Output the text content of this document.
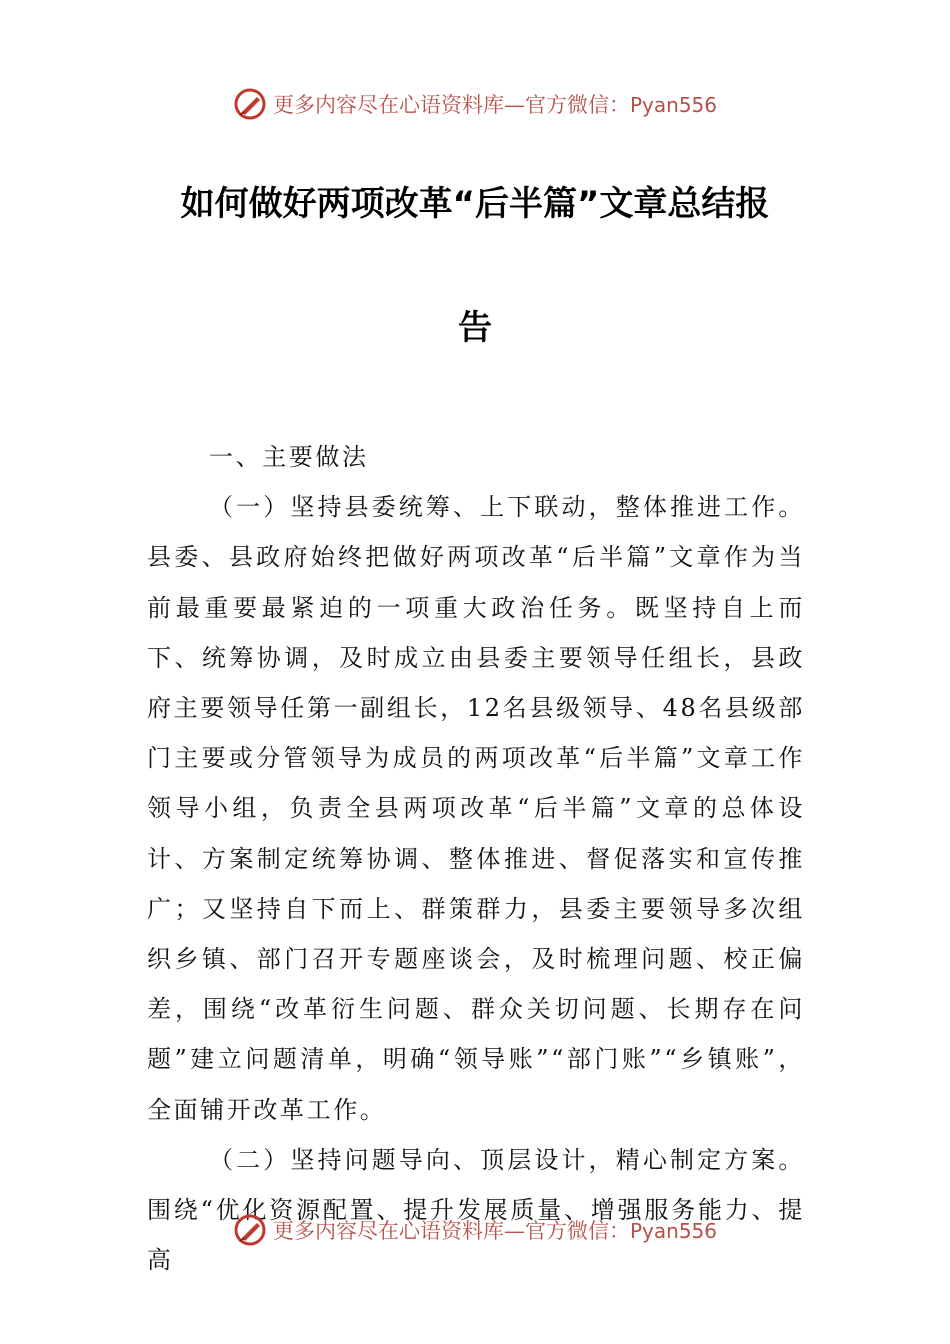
更多内容尽在心语资料库—官方微信：Pyan556
如何做好两项改革“后半篇”文章总结报
告

一、主要做法

（一）坚持县委统筹、上下联动，整体推进工作。县委、县政府始终把做好两项改革“后半篇”文章作为当前最重要最紧迫的一项重大政治任务。既坚持自上而下、统筹协调，及时成立由县委主要领导任组长，县政府主要领导任第一副组长，12名县级领导、48名县级部门主要或分管领导为成员的两项改革“后半篇”文章工作领导小组，负责全县两项改革“后半篇”文章的总体设计、方案制定统筹协调、整体推进、督促落实和宣传推广；又坚持自下而上、群策群力，县委主要领导多次组织乡镇、部门召开专题座谈会，及时梳理问题、校正偏差，围绕“改革衍生问题、群众关切问题、长期存在问题”建立问题清单，明确“领导账”“部门账”“乡镇账”，全面铺开改革工作。

（二）坚持问题导向、顶层设计，精心制定方案。围绕“优化资源配置、提升发展质量、增强服务能力、提高

更多内容尽在心语资料库—官方微信：Pyan556
